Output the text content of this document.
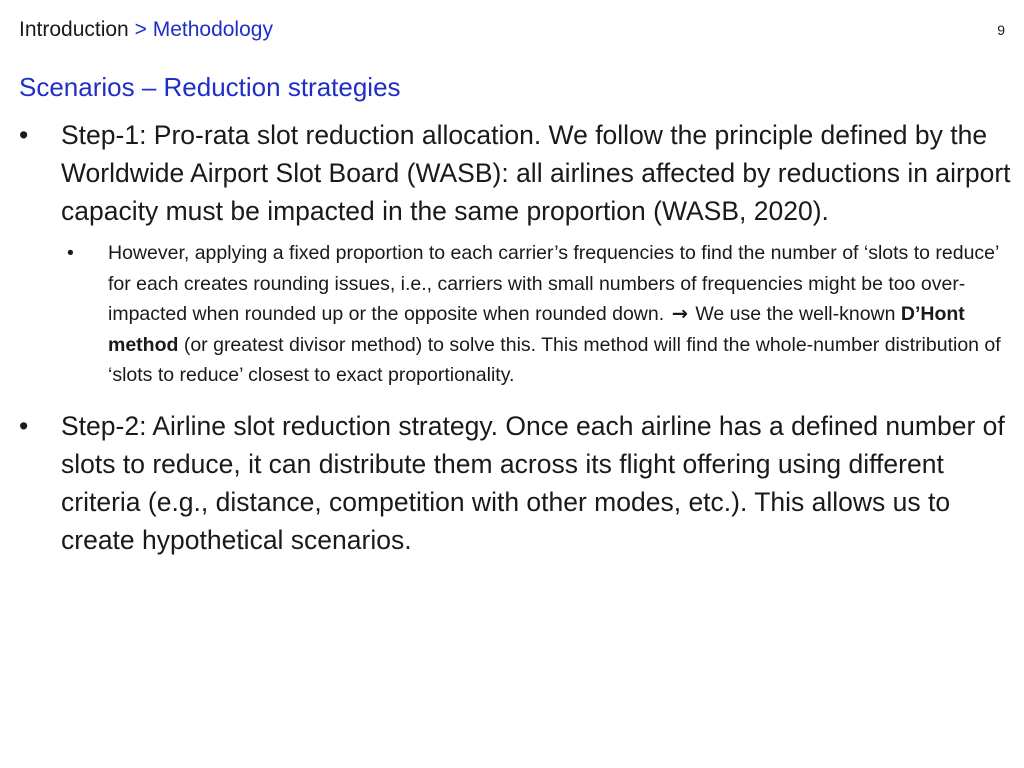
Introduction > Methodology	9
Scenarios – Reduction strategies
•	Step-1: Pro-rata slot reduction allocation. We follow the principle defined by the Worldwide Airport Slot Board (WASB): all airlines affected by reductions in airport capacity must be impacted in the same proportion (WASB, 2020).
•	However, applying a fixed proportion to each carrier’s frequencies to find the number of ‘slots to reduce’ for each creates rounding issues, i.e., carriers with small numbers of frequencies might be too over-impacted when rounded up or the opposite when rounded down. → We use the well-known D’Hont method (or greatest divisor method) to solve this. This method will find the whole-number distribution of ‘slots to reduce’ closest to exact proportionality.
•	Step-2: Airline slot reduction strategy. Once each airline has a defined number of slots to reduce, it can distribute them across its flight offering using different criteria (e.g., distance, competition with other modes, etc.). This allows us to create hypothetical scenarios.
